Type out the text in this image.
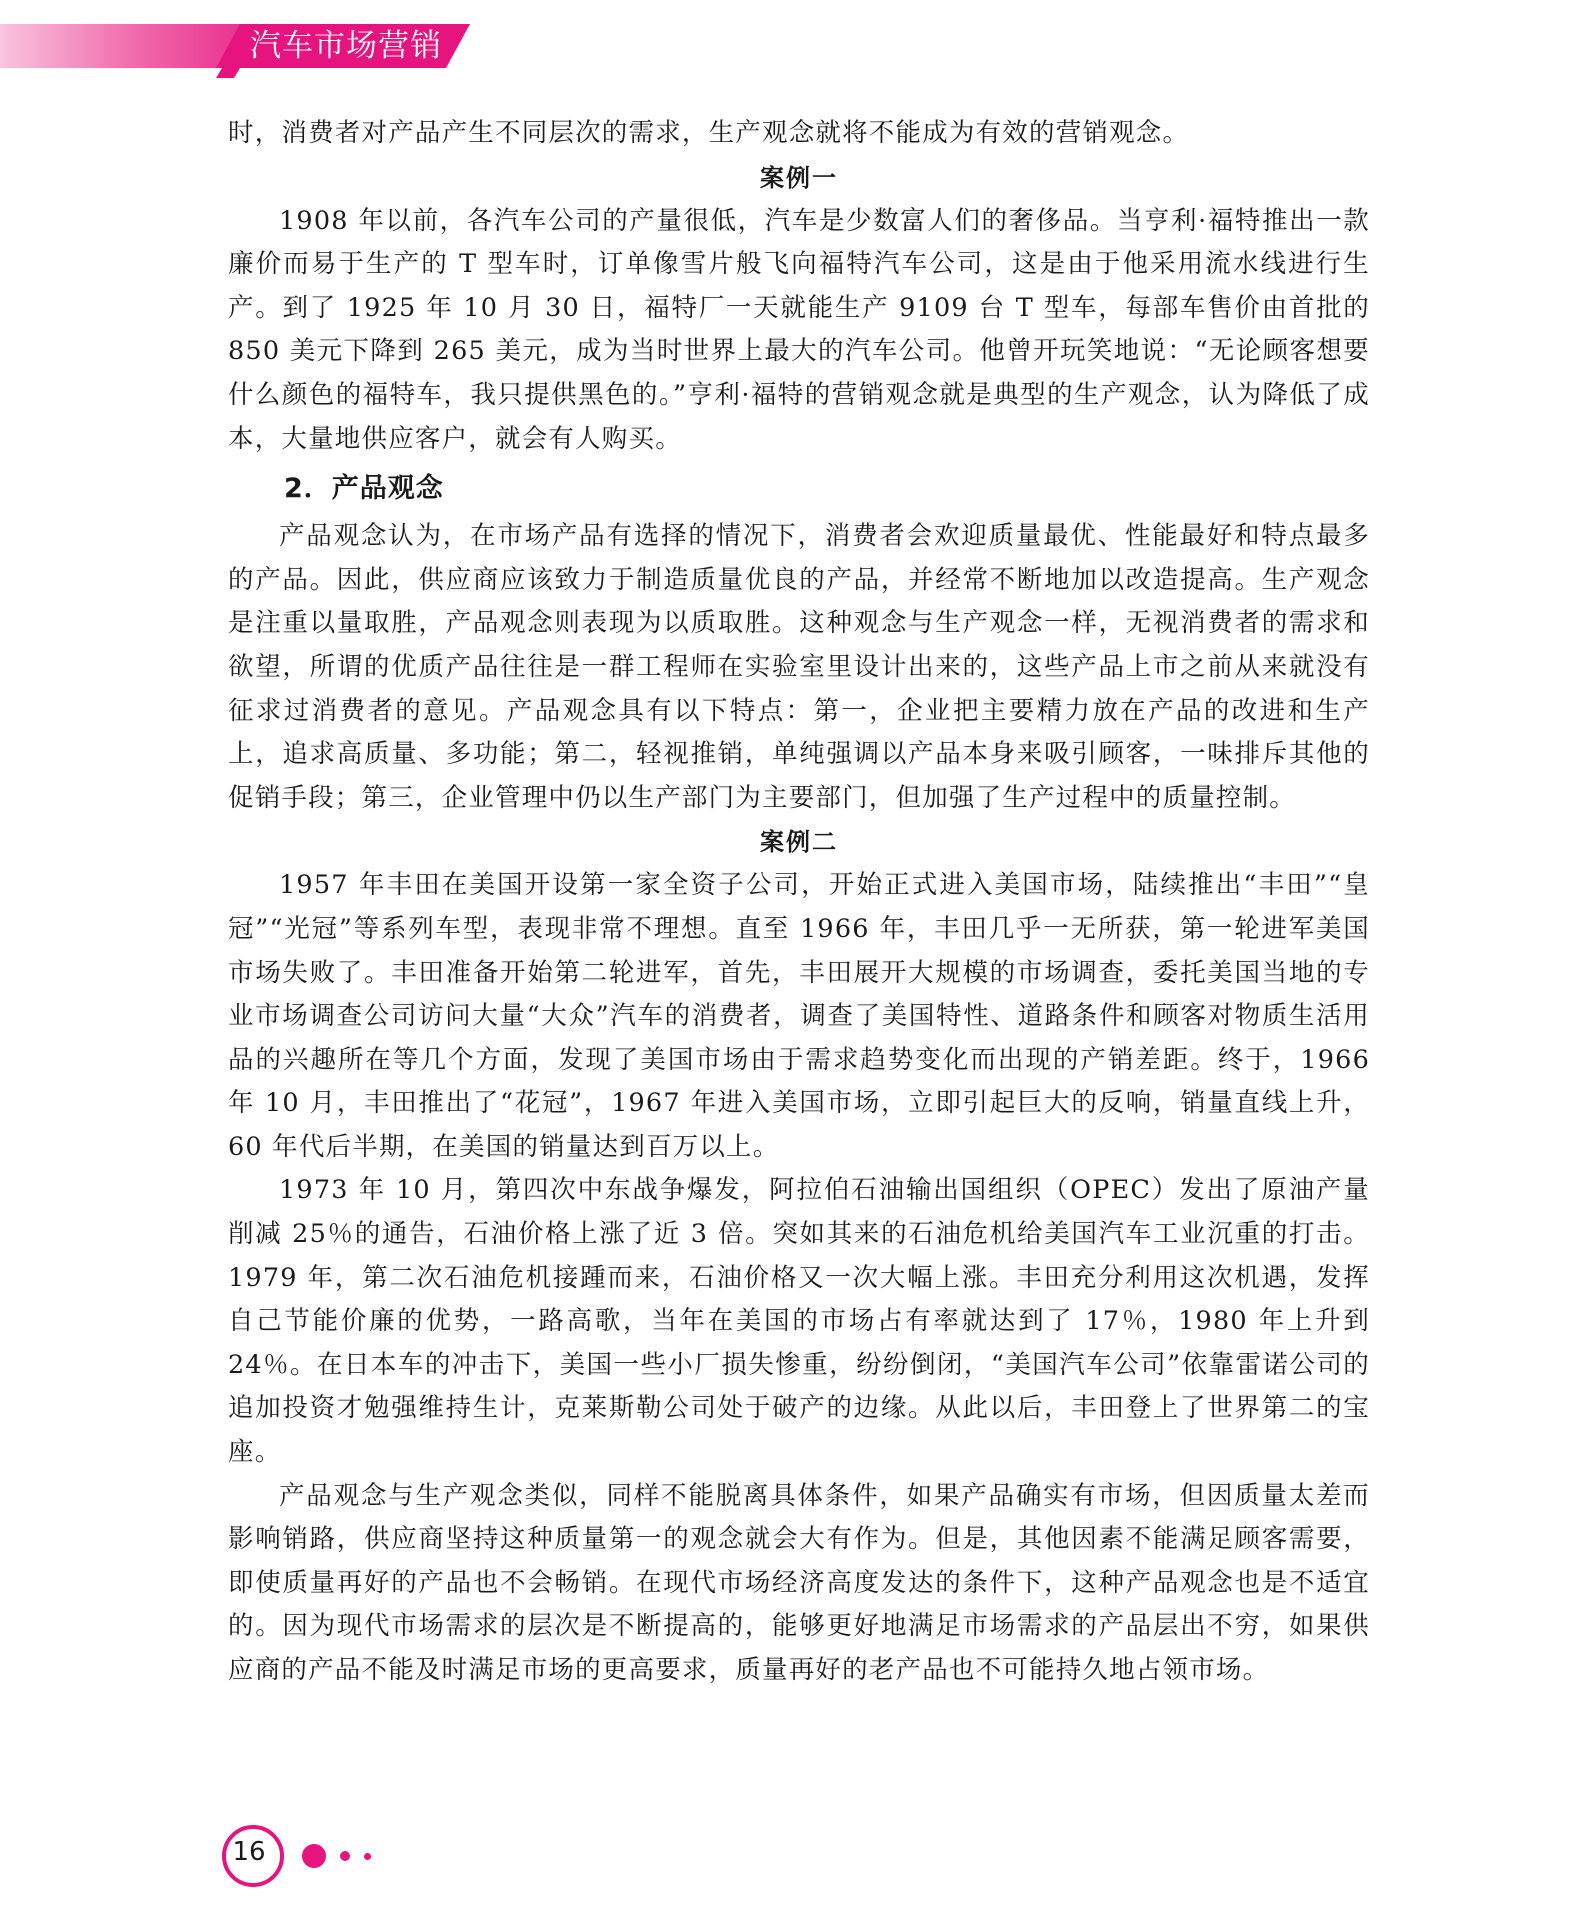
汽车市场营销

时，消费者对产品产生不同层次的需求，生产观念就将不能成为有效的营销观念。

案例一

1908 年以前，各汽车公司的产量很低，汽车是少数富人们的奢侈品。当亨利·福特推出一款廉价而易于生产的 T 型车时，订单像雪片般飞向福特汽车公司，这是由于他采用流水线进行生产。到了 1925 年 10 月 30 日，福特厂一天就能生产 9109 台 T 型车，每部车售价由首批的 850 美元下降到 265 美元，成为当时世界上最大的汽车公司。他曾开玩笑地说：“无论顾客想要什么颜色的福特车，我只提供黑色的。”亨利·福特的营销观念就是典型的生产观念，认为降低了成本，大量地供应客户，就会有人购买。

2．产品观念

产品观念认为，在市场产品有选择的情况下，消费者会欢迎质量最优、性能最好和特点最多的产品。因此，供应商应该致力于制造质量优良的产品，并经常不断地加以改造提高。生产观念是注重以量取胜，产品观念则表现为以质取胜。这种观念与生产观念一样，无视消费者的需求和欲望，所谓的优质产品往往是一群工程师在实验室里设计出来的，这些产品上市之前从来就没有征求过消费者的意见。产品观念具有以下特点：第一，企业把主要精力放在产品的改进和生产上，追求高质量、多功能；第二，轻视推销，单纯强调以产品本身来吸引顾客，一味排斥其他的促销手段；第三，企业管理中仍以生产部门为主要部门，但加强了生产过程中的质量控制。

案例二

1957 年丰田在美国开设第一家全资子公司，开始正式进入美国市场，陆续推出“丰田”“皇冠”“光冠”等系列车型，表现非常不理想。直至 1966 年，丰田几乎一无所获，第一轮进军美国市场失败了。丰田准备开始第二轮进军，首先，丰田展开大规模的市场调查，委托美国当地的专业市场调查公司访问大量“大众”汽车的消费者，调查了美国特性、道路条件和顾客对物质生活用品的兴趣所在等几个方面，发现了美国市场由于需求趋势变化而出现的产销差距。终于，1966 年 10 月，丰田推出了“花冠”，1967 年进入美国市场，立即引起巨大的反响，销量直线上升，60 年代后半期，在美国的销量达到百万以上。

1973 年 10 月，第四次中东战争爆发，阿拉伯石油输出国组织（OPEC）发出了原油产量削减 25％的通告，石油价格上涨了近 3 倍。突如其来的石油危机给美国汽车工业沉重的打击。1979 年，第二次石油危机接踵而来，石油价格又一次大幅上涨。丰田充分利用这次机遇，发挥自己节能价廉的优势，一路高歌，当年在美国的市场占有率就达到了 17％，1980 年上升到 24％。在日本车的冲击下，美国一些小厂损失惨重，纷纷倒闭，“美国汽车公司”依靠雷诺公司的追加投资才勉强维持生计，克莱斯勒公司处于破产的边缘。从此以后，丰田登上了世界第二的宝座。

产品观念与生产观念类似，同样不能脱离具体条件，如果产品确实有市场，但因质量太差而影响销路，供应商坚持这种质量第一的观念就会大有作为。但是，其他因素不能满足顾客需要，即使质量再好的产品也不会畅销。在现代市场经济高度发达的条件下，这种产品观念也是不适宜的。因为现代市场需求的层次是不断提高的，能够更好地满足市场需求的产品层出不穷，如果供应商的产品不能及时满足市场的更高要求，质量再好的老产品也不可能持久地占领市场。

16
